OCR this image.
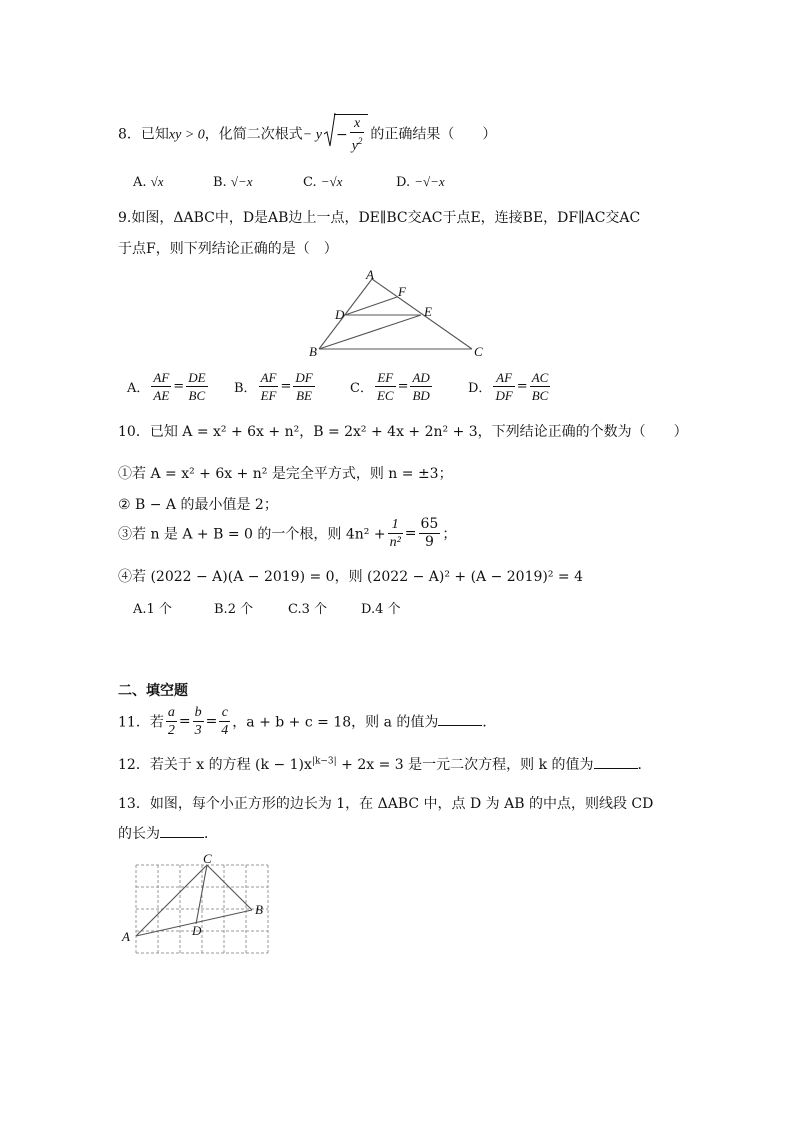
8．已知xy > 0，化简二次根式− $y - \frac{x}{y^2}$ 的正确结果（　　）
A. √x	B. √−x	C. −√x	D. −√−x
9.如图，ΔABC中，D是AB边上一点，DE∥BC交AC于点E，连接BE，DF∥AC交AC
于点F，则下列结论正确的是（　）
A
F
D	E
B	C
A． $\frac{AF}{AE} = \frac{DE}{BC}$ B． $\frac{AF}{EF} = \frac{DF}{BE}$	C． $\frac{EF}{EC} = \frac{AD}{BD}$	D． $\frac{AF}{DF} = \frac{AC}{BC}$
10．已知 A = x² + 6x + n²，B = 2x² + 4x + 2n² + 3，下列结论正确的个数为（　　）
①若 A = x² + 6x + n² 是完全平方式，则 n = ±3；
② B − A 的最小值是 2；
③若 n 是 A + B = 0 的一个根，则 $4n^2 + \frac{1}{\text{n²}} = \frac{65}{9}$ ；
④若 (2022 − A)(A − 2019) = 0，则 (2022 − A)² + (A − 2019)² = 4
A.1 个	B.2 个	C.3 个	D.4 个
二、填空题
11．若 $\frac{a}{2} = \frac{b}{3} = \frac{c}{4}$ ，a + b + c = 18，则 a 的值为	．
12．若关于 x 的方程 $(k - 1)x^{|k-3|} + 2x = 3$ 是一元二次方程，则 k 的值为	．
13．如图，每个小正方形的边长为 1，在 ΔABC 中，点 D 为 AB 的中点，则线段 CD
的长为	．
C
B
A	D
